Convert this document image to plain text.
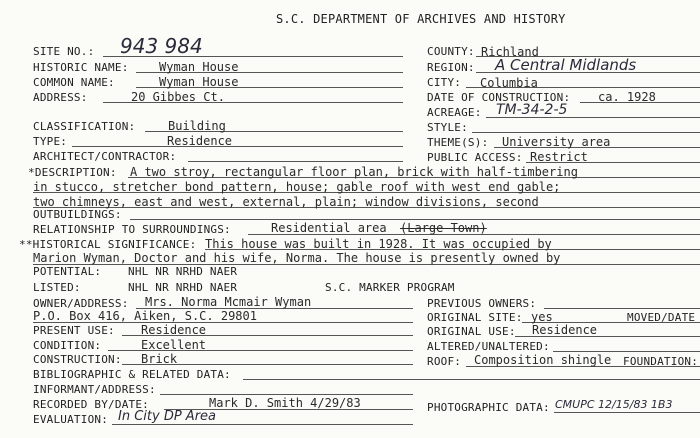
S.C. DEPARTMENT OF ARCHIVES AND HISTORY
SITE NO.: 943 984
HISTORIC NAME:	Wyman House
COMMON NAME:	Wyman House
ADDRESS:	20 Gibbes Ct.
CLASSIFICATION:	Building
TYPE:	Residence
ARCHITECT/CONTRACTOR:
COUNTY: Richland
REGION: A Central Midlands
CITY: Columbia
DATE OF CONSTRUCTION: ca. 1928
ACREAGE: TM-34-2-5
STYLE:
THEME(S): University area
PUBLIC ACCESS: Restrict
*DESCRIPTION: A two stroy, rectangular floor plan, brick with half-timbering
in stucco, stretcher bond pattern, house; gable roof with west end gable;
two chimneys, east and west, external, plain; window divisions, second
OUTBUILDINGS:
RELATIONSHIP TO SURROUNDINGS:	Residential area (Large Town)
**HISTORICAL SIGNIFICANCE: This house was built in 1928. It was occupied by
Marion Wyman, Doctor and his wife, Norma. The house is presently owned by
POTENTIAL: NHL NR NRHD NAER
LISTED:	NHL NR NRHD NAER	S.C. MARKER PROGRAM
OWNER/ADDRESS: Mrs. Norma Mcmair Wyman
P.O. Box 416, Aiken, S.C. 29801
PRESENT USE: Residence
CONDITION:	Excellent
CONSTRUCTION: Brick
BIBLIOGRAPHIC & RELATED DATA:
INFORMANT/ADDRESS:
RECORDED BY/DATE:	Mark D. Smith 4/29/83
EVALUATION: In City DP Area
PREVIOUS OWNERS:
ORIGINAL SITE: yes	MOVED/DATE
ORIGINAL USE: Residence
ALTERED/UNALTERED:
ROOF: Composition shingle FOUNDATION:
PHOTOGRAPHIC DATA: CMUPC 12/15/83 1B3
